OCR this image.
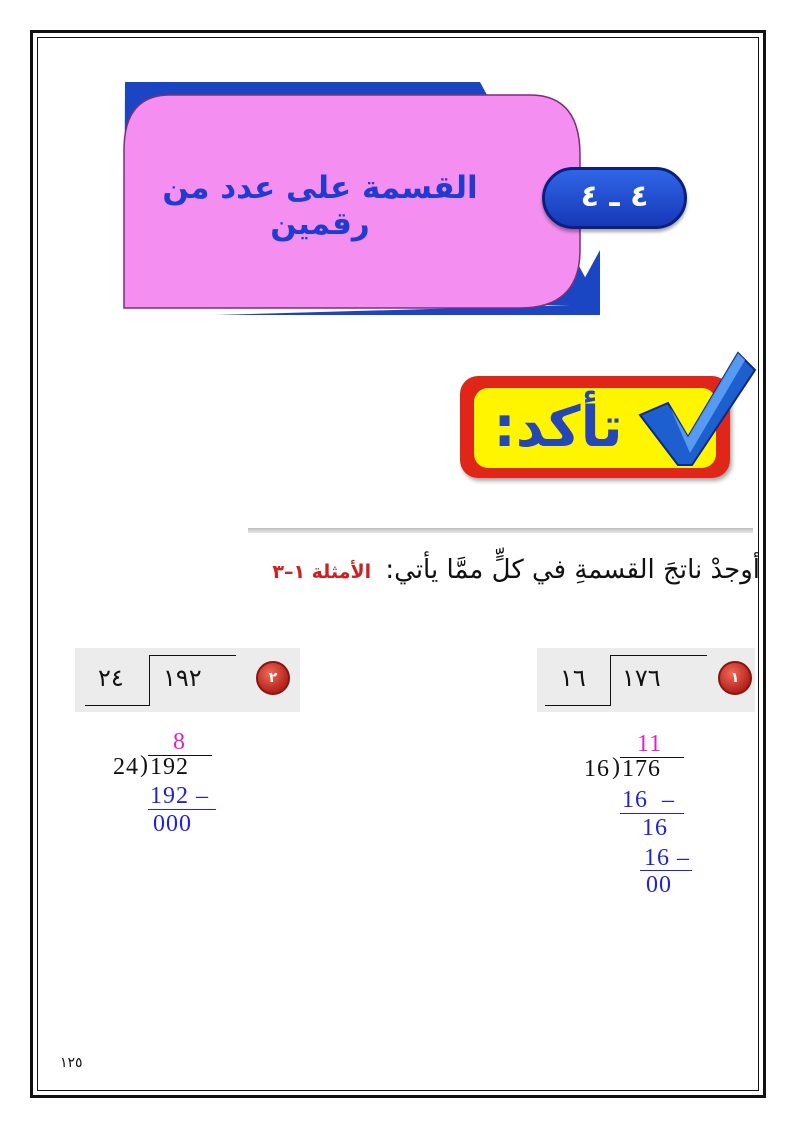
القسمة على عدد من رقمين
٤ ـ ٤
تأكد:
أوجدْ ناتجَ القسمةِ في كلٍّ ممَّا يأتي: الأمثلة ١–٣
١
١٧٦
١٦
٢
١٩٢
٢٤
11
16 ) 176
16  –
16
16 –
00
8
24 ) 192
192 –
000
١٢٥
